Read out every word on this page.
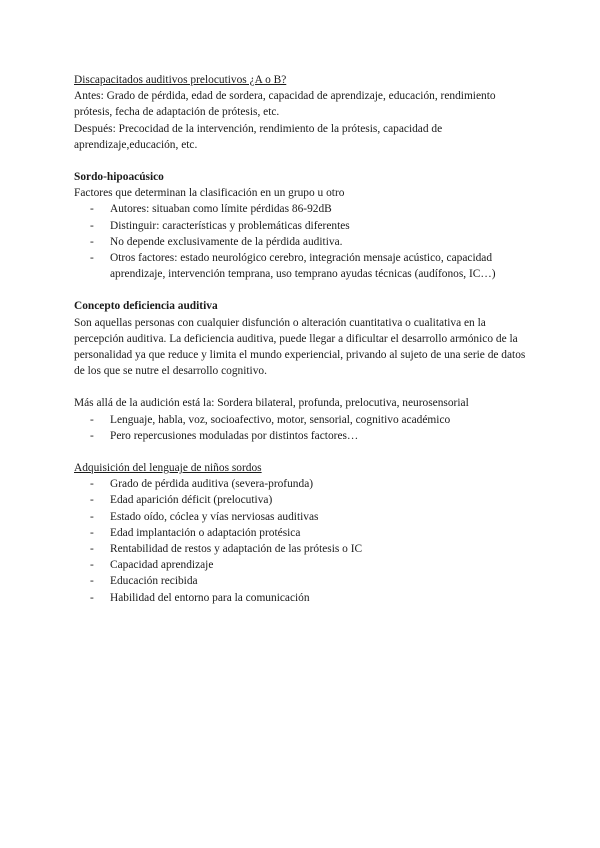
Discapacitados auditivos prelocutivos ¿A o B?

Antes: Grado de pérdida, edad de sordera, capacidad de aprendizaje, educación, rendimiento prótesis, fecha de adaptación de prótesis, etc.

Después: Precocidad de la intervención, rendimiento de la prótesis, capacidad de aprendizaje,educación, etc.

Sordo-hipoacúsico

Factores que determinan la clasificación en un grupo u otro

- Autores: situaban como límite pérdidas 86-92dB
- Distinguir: características y problemáticas diferentes
- No depende exclusivamente de la pérdida auditiva.
- Otros factores: estado neurológico cerebro, integración mensaje acústico, capacidad aprendizaje, intervención temprana, uso temprano ayudas técnicas (audífonos, IC…)

Concepto deficiencia auditiva

Son aquellas personas con cualquier disfunción o alteración cuantitativa o cualitativa en la percepción auditiva. La deficiencia auditiva, puede llegar a dificultar el desarrollo armónico de la personalidad ya que reduce y limita el mundo experiencial, privando al sujeto de una serie de datos de los que se nutre el desarrollo cognitivo.

Más allá de la audición está la: Sordera bilateral, profunda, prelocutiva, neurosensorial

- Lenguaje, habla, voz, socioafectivo, motor, sensorial, cognitivo académico
- Pero repercusiones moduladas por distintos factores…

Adquisición del lenguaje de niños sordos

- Grado de pérdida auditiva (severa-profunda)
- Edad aparición déficit (prelocutiva)
- Estado oído, cóclea y vías nerviosas auditivas
- Edad implantación o adaptación protésica
- Rentabilidad de restos y adaptación de las prótesis o IC
- Capacidad aprendizaje
- Educación recibida
- Habilidad del entorno para la comunicación
